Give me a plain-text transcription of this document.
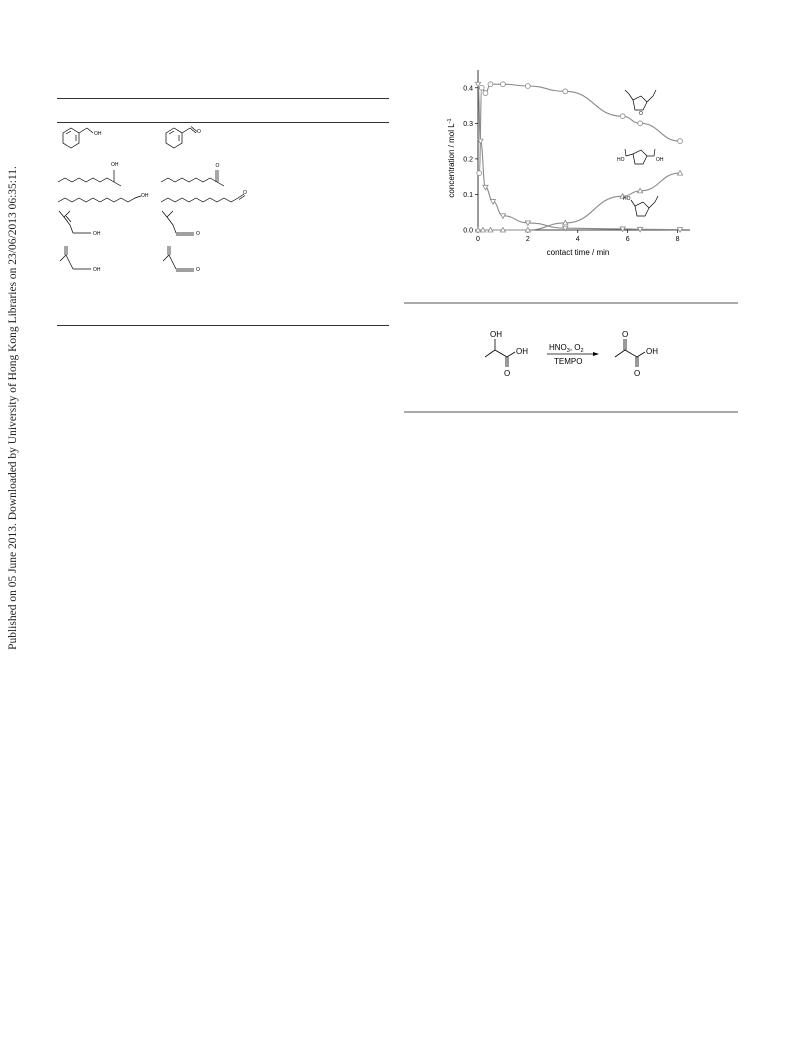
Published on 05 June 2013. Downloaded by University of Hong Kong Libraries on 23/06/2013 06:35:11.
OH	O
OH	O
OH	O
OH	O
OH	O
0.0
0.1
0.2
0.3
0.4
0	2	4	6	8
contact time / min
concentration / mol $L^{-1}$
O
HO	OH
HO
OH
OH
O
$HNO_3$, $O_2$
TEMPO
O
OH
O
